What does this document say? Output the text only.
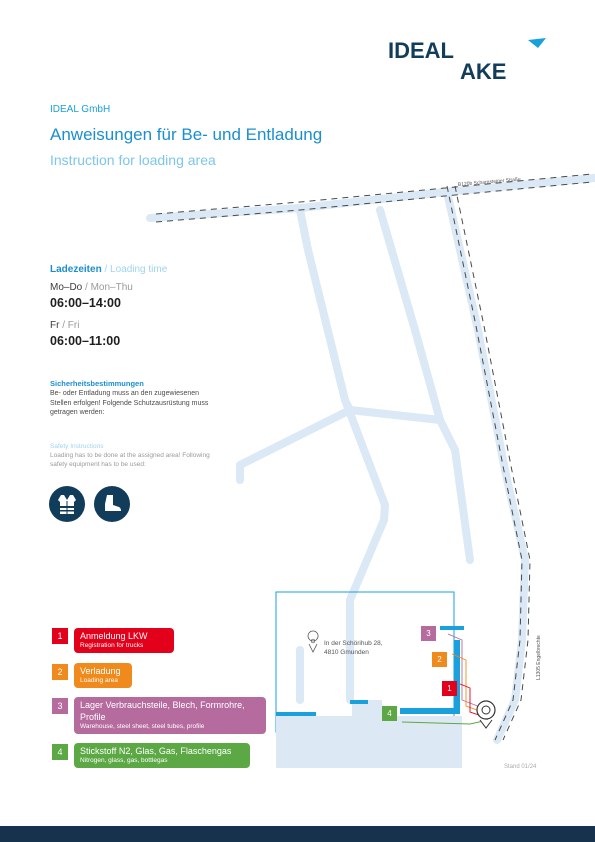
B120b Scharnsteiner Straße
L1305 Engelbrechte
IDEAL
AKE
IDEAL GmbH
Anweisungen für Be- und Entladung
Instruction for loading area
Ladezeiten / Loading time
Mo–Do / Mon–Thu
06:00–14:00
Fr / Fri
06:00–11:00
Sicherheitsbestimmungen
Be- oder Entladung muss an den zugewiesenen Stellen erfolgen! Folgende Schutzausrüstung muss getragen werden:
Safety Instructions
Loading has to be done at the assigned area! Following safety equipment has to be used:
1	Anmeldung LKW
Registration for trucks
2	Verladung
Loading area
3	Lager Verbrauchsteile, Blech, Formrohre, Profile
Warehouse, steel sheet, steel tubes, profile
4	Stickstoff N2, Glas, Gas, Flaschengas
Nitrogen, glass, gas, bottlegas
3
2
1
4
In der Schörihub 28,
4810 Gmunden
Stand 01/24
